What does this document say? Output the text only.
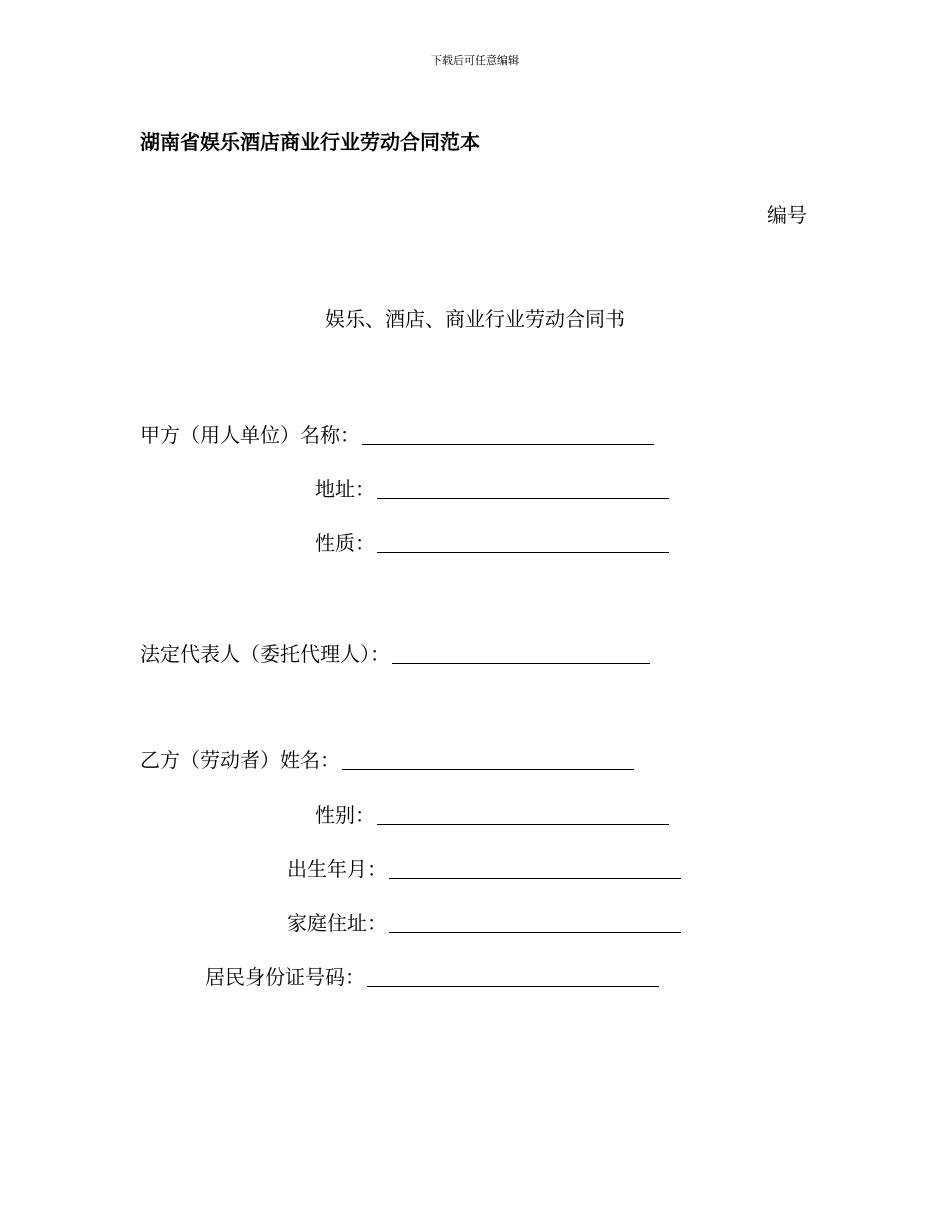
下载后可任意编辑
湖南省娱乐酒店商业行业劳动合同范本
编号
娱乐、酒店、商业行业劳动合同书
甲方（用人单位）名称：
地址：
性质：
法定代表人（委托代理人）：
乙方（劳动者）姓名：
性别：
出生年月：
家庭住址：
居民身份证号码：
